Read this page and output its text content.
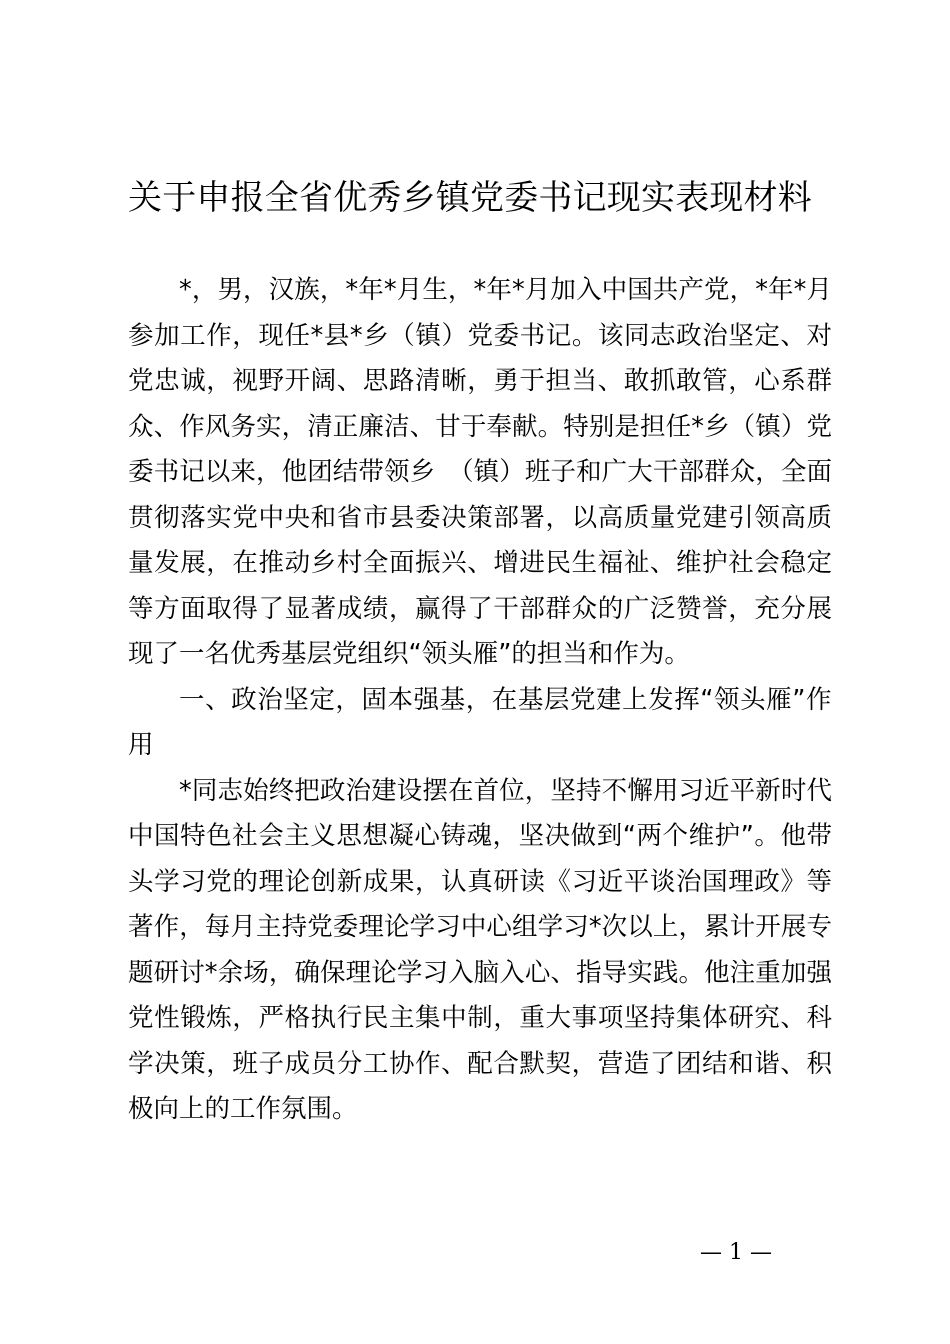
关于申报全省优秀乡镇党委书记现实表现材料

*，男，汉族，*年*月生，*年*月加入中国共产党，*年*月参加工作，现任*县*乡（镇）党委书记。该同志政治坚定、对党忠诚，视野开阔、思路清晰，勇于担当、敢抓敢管，心系群众、作风务实，清正廉洁、甘于奉献。特别是担任*乡（镇）党委书记以来，他团结带领乡　（镇）班子和广大干部群众，全面贯彻落实党中央和省市县委决策部署，以高质量党建引领高质量发展，在推动乡村全面振兴、增进民生福祉、维护社会稳定等方面取得了显著成绩，赢得了干部群众的广泛赞誉，充分展现了一名优秀基层党组织“领头雁”的担当和作为。

一、政治坚定，固本强基，在基层党建上发挥“领头雁”作用

*同志始终把政治建设摆在首位，坚持不懈用习近平新时代中国特色社会主义思想凝心铸魂，坚决做到“两个维护”。他带头学习党的理论创新成果，认真研读《习近平谈治国理政》等著作，每月主持党委理论学习中心组学习*次以上，累计开展专题研讨*余场，确保理论学习入脑入心、指导实践。他注重加强党性锻炼，严格执行民主集中制，重大事项坚持集体研究、科学决策，班子成员分工协作、配合默契，营造了团结和谐、积极向上的工作氛围。

— 1 —
